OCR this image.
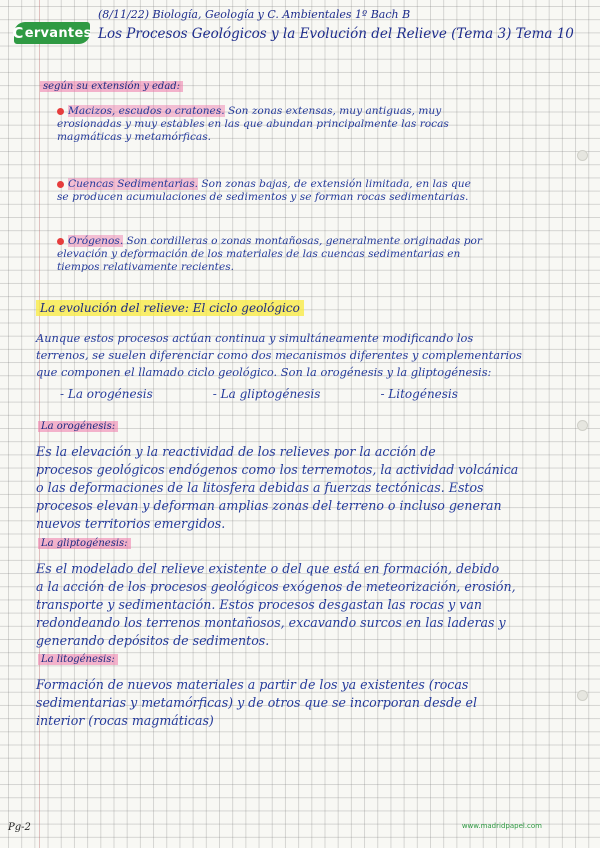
C ervantes
(8/11/22) Biología, Geología y C. Ambientales 1º Bach B
Los Procesos Geológicos y la Evolución del Relieve (Tema 3) Tema 10
según su extensión y edad:
Macizos, escudos o cratones. Son zonas extensas, muy antiguas, muy
erosionadas y muy estables en las que abundan principalmente las rocas
magmáticas y metamórficas.
Cuencas Sedimentarias. Son zonas bajas, de extensión limitada, en las que
se producen acumulaciones de sedimentos y se forman rocas sedimentarias.
Orógenos. Son cordilleras o zonas montañosas, generalmente originadas por
elevación y deformación de los materiales de las cuencas sedimentarias en
tiempos relativamente recientes.
La evolución del relieve: El ciclo geológico
Aunque estos procesos actúan continua y simultáneamente modificando los
terrenos, se suelen diferenciar como dos mecanismos diferentes y complementarios
que componen el llamado ciclo geológico. Son la orogénesis y la gliptogénesis:
- La orogénesis	- La gliptogénesis	- Litogénesis
La orogénesis:
Es la elevación y la reactividad de los relieves por la acción de
procesos geológicos endógenos como los terremotos, la actividad volcánica
o las deformaciones de la litosfera debidas a fuerzas tectónicas. Estos
procesos elevan y deforman amplias zonas del terreno o incluso generan
nuevos territorios emergidos.
La gliptogénesis:
Es el modelado del relieve existente o del que está en formación, debido
a la acción de los procesos geológicos exógenos de meteorización, erosión,
transporte y sedimentación. Estos procesos desgastan las rocas y van
redondeando los terrenos montañosos, excavando surcos en las laderas y
generando depósitos de sedimentos.
La litogénesis:
Formación de nuevos materiales a partir de los ya existentes (rocas
sedimentarias y metamórficas) y de otros que se incorporan desde el
interior (rocas magmáticas)
Pg-2	www.madridpapel.com
